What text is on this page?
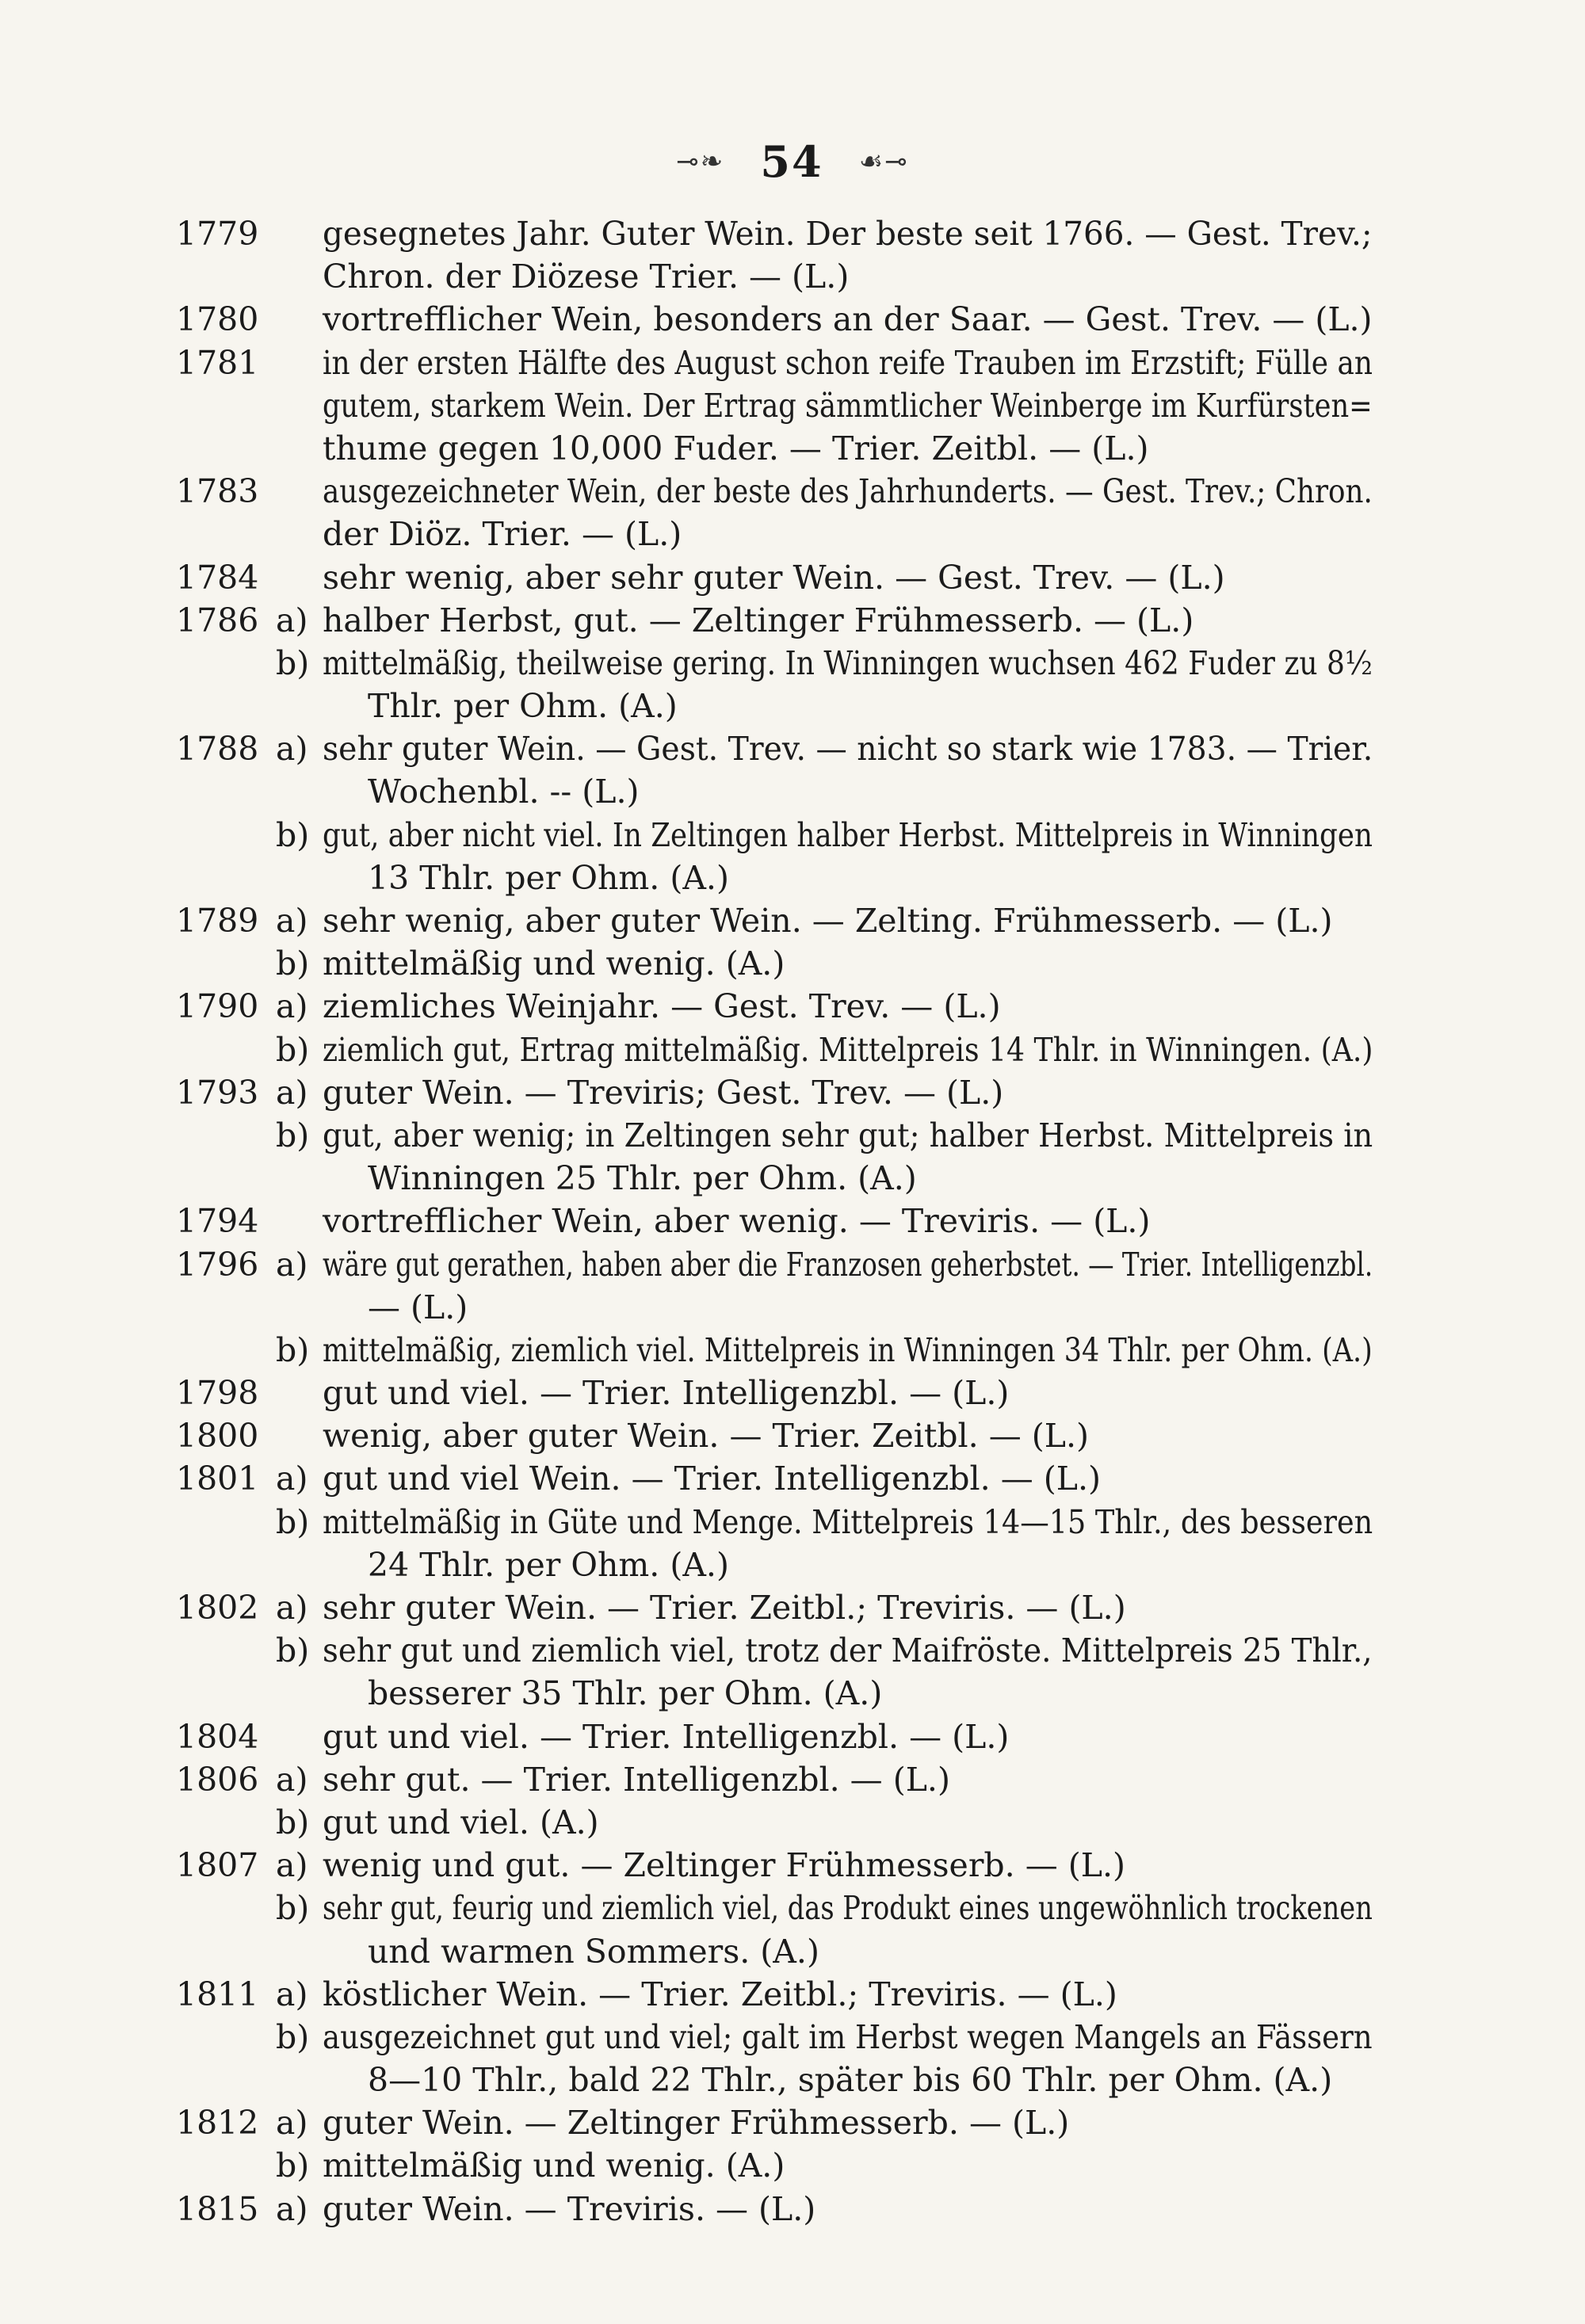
⊸❧ 54 ☙⊸
1779 gesegnetes Jahr. Guter Wein. Der beste seit 1766. — Gest. Trev.;
Chron. der Diözese Trier. — (L.)
1780 vortrefflicher Wein, besonders an der Saar. — Gest. Trev. — (L.)
1781 in der ersten Hälfte des August schon reife Trauben im Erzstift; Fülle an
gutem, starkem Wein. Der Ertrag sämmtlicher Weinberge im Kurfürsten=
thume gegen 10,000 Fuder. — Trier. Zeitbl. — (L.)
1783 ausgezeichneter Wein, der beste des Jahrhunderts. — Gest. Trev.; Chron.
der Diöz. Trier. — (L.)
1784 sehr wenig, aber sehr guter Wein. — Gest. Trev. — (L.)
1786 a) halber Herbst, gut. — Zeltinger Frühmesserb. — (L.)
b) mittelmäßig, theilweise gering. In Winningen wuchsen 462 Fuder zu 8½
Thlr. per Ohm. (A.)
1788 a) sehr guter Wein. — Gest. Trev. — nicht so stark wie 1783. — Trier.
Wochenbl. -- (L.)
b) gut, aber nicht viel. In Zeltingen halber Herbst. Mittelpreis in Winningen
13 Thlr. per Ohm. (A.)
1789 a) sehr wenig, aber guter Wein. — Zelting. Frühmesserb. — (L.)
b) mittelmäßig und wenig. (A.)
1790 a) ziemliches Weinjahr. — Gest. Trev. — (L.)
b) ziemlich gut, Ertrag mittelmäßig. Mittelpreis 14 Thlr. in Winningen. (A.)
1793 a) guter Wein. — Treviris; Gest. Trev. — (L.)
b) gut, aber wenig; in Zeltingen sehr gut; halber Herbst. Mittelpreis in
Winningen 25 Thlr. per Ohm. (A.)
1794 vortrefflicher Wein, aber wenig. — Treviris. — (L.)
1796 a) wäre gut gerathen, haben aber die Franzosen geherbstet. — Trier. Intelligenzbl.
— (L.)
b) mittelmäßig, ziemlich viel. Mittelpreis in Winningen 34 Thlr. per Ohm. (A.)
1798 gut und viel. — Trier. Intelligenzbl. — (L.)
1800 wenig, aber guter Wein. — Trier. Zeitbl. — (L.)
1801 a) gut und viel Wein. — Trier. Intelligenzbl. — (L.)
b) mittelmäßig in Güte und Menge. Mittelpreis 14—15 Thlr., des besseren
24 Thlr. per Ohm. (A.)
1802 a) sehr guter Wein. — Trier. Zeitbl.; Treviris. — (L.)
b) sehr gut und ziemlich viel, trotz der Maifröste. Mittelpreis 25 Thlr.,
besserer 35 Thlr. per Ohm. (A.)
1804 gut und viel. — Trier. Intelligenzbl. — (L.)
1806 a) sehr gut. — Trier. Intelligenzbl. — (L.)
b) gut und viel. (A.)
1807 a) wenig und gut. — Zeltinger Frühmesserb. — (L.)
b) sehr gut, feurig und ziemlich viel, das Produkt eines ungewöhnlich trockenen
und warmen Sommers. (A.)
1811 a) köstlicher Wein. — Trier. Zeitbl.; Treviris. — (L.)
b) ausgezeichnet gut und viel; galt im Herbst wegen Mangels an Fässern
8—10 Thlr., bald 22 Thlr., später bis 60 Thlr. per Ohm. (A.)
1812 a) guter Wein. — Zeltinger Frühmesserb. — (L.)
b) mittelmäßig und wenig. (A.)
1815 a) guter Wein. — Treviris. — (L.)
